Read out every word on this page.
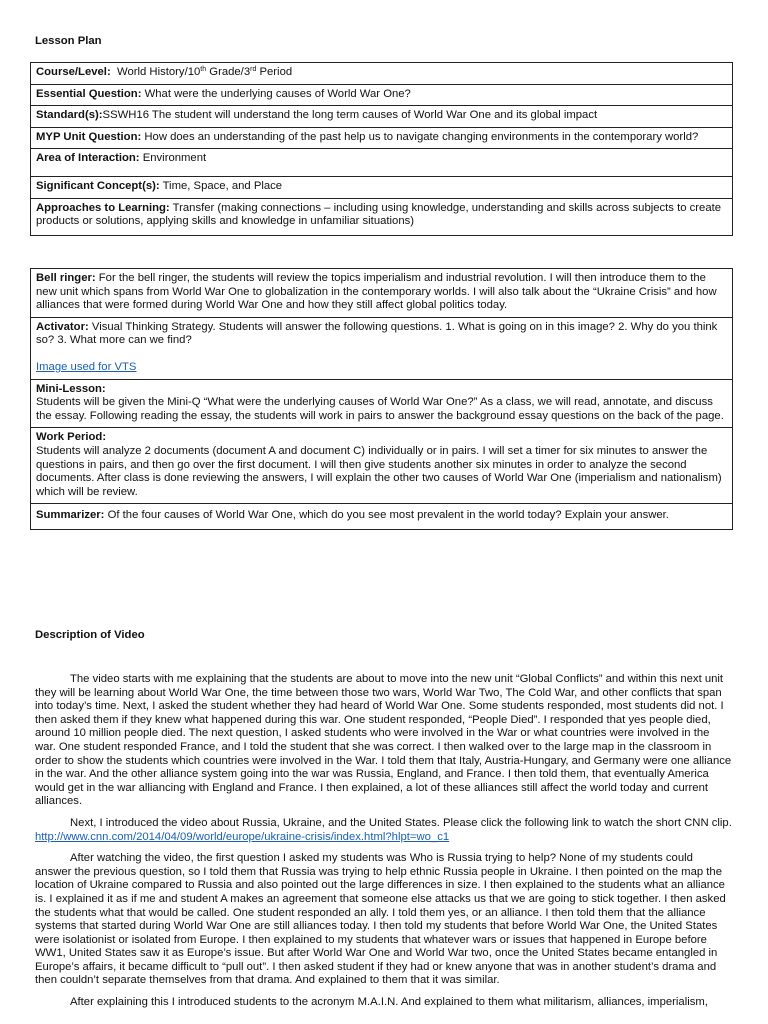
Lesson Plan
Course/Level: World History/10th Grade/3rd Period
Essential Question: What were the underlying causes of World War One?
Standard(s):SSWH16 The student will understand the long term causes of World War One and its global impact
MYP Unit Question: How does an understanding of the past help us to navigate changing environments in the contemporary world?
Area of Interaction: Environment
Significant Concept(s): Time, Space, and Place
Approaches to Learning: Transfer (making connections – including using knowledge, understanding and skills across subjects to create products or solutions, applying skills and knowledge in unfamiliar situations)
Bell ringer: For the bell ringer, the students will review the topics imperialism and industrial revolution. I will then introduce them to the new unit which spans from World War One to globalization in the contemporary worlds. I will also talk about the “Ukraine Crisis” and how alliances that were formed during World War One and how they still affect global politics today.
Activator: Visual Thinking Strategy. Students will answer the following questions. 1. What is going on in this image? 2. Why do you think so? 3. What more can we find?
Image used for VTS
Mini-Lesson:
Students will be given the Mini-Q “What were the underlying causes of World War One?” As a class, we will read, annotate, and discuss the essay. Following reading the essay, the students will work in pairs to answer the background essay questions on the back of the page.
Work Period:
Students will analyze 2 documents (document A and document C) individually or in pairs. I will set a timer for six minutes to answer the questions in pairs, and then go over the first document. I will then give students another six minutes in order to analyze the second documents. After class is done reviewing the answers, I will explain the other two causes of World War One (imperialism and nationalism) which will be review.
Summarizer: Of the four causes of World War One, which do you see most prevalent in the world today? Explain your answer.
Description of Video

The video starts with me explaining that the students are about to move into the new unit “Global Conflicts” and within this next unit they will be learning about World War One, the time between those two wars, World War Two, The Cold War, and other conflicts that span into today’s time. Next, I asked the student whether they had heard of World War One. Some students responded, most students did not. I then asked them if they knew what happened during this war. One student responded, “People Died”. I responded that yes people died, around 10 million people died. The next question, I asked students who were involved in the War or what countries were involved in the war. One student responded France, and I told the student that she was correct. I then walked over to the large map in the classroom in order to show the students which countries were involved in the War. I told them that Italy, Austria-Hungary, and Germany were one alliance in the war. And the other alliance system going into the war was Russia, England, and France. I then told them, that eventually America would get in the war alliancing with England and France. I then explained, a lot of these alliances still affect the world today and current alliances.

Next, I introduced the video about Russia, Ukraine, and the United States. Please click the following link to watch the short CNN clip. http://www.cnn.com/2014/04/09/world/europe/ukraine-crisis/index.html?hlpt=wo_c1

After watching the video, the first question I asked my students was Who is Russia trying to help? None of my students could answer the previous question, so I told them that Russia was trying to help ethnic Russia people in Ukraine. I then pointed on the map the location of Ukraine compared to Russia and also pointed out the large differences in size. I then explained to the students what an alliance is. I explained it as if me and student A makes an agreement that someone else attacks us that we are going to stick together. I then asked the students what that would be called. One student responded an ally. I told them yes, or an alliance. I then told them that the alliance systems that started during World War One are still alliances today. I then told my students that before World War One, the United States were isolationist or isolated from Europe. I then explained to my students that whatever wars or issues that happened in Europe before WW1, United States saw it as Europe’s issue. But after World War One and World War two, once the United States became entangled in Europe’s affairs, it became difficult to “pull out”. I then asked student if they had or knew anyone that was in another student’s drama and then couldn’t separate themselves from that drama. And explained to them that it was similar.

After explaining this I introduced students to the acronym M.A.I.N. And explained to them what militarism, alliances, imperialism,
